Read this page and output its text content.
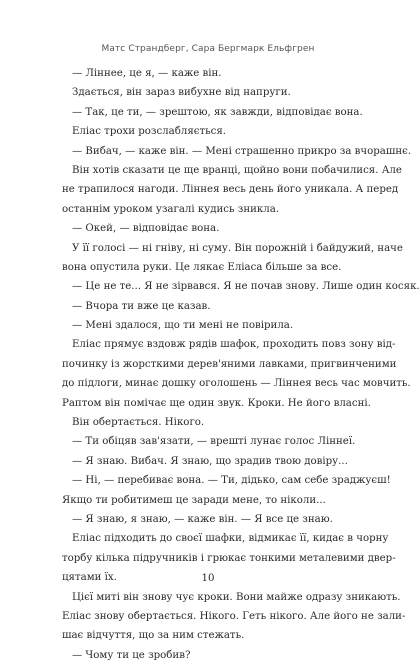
Матс Страндберг, Сара Бергмарк Ельфгрен
— Ліннее, це я, — каже він.
Здається, він зараз вибухне від напруги.
— Так, це ти, — зрештою, як завжди, відповідає вона.
Еліас трохи розслабляється.
— Вибач, — каже він. — Мені страшенно прикро за вчорашнє.
Він хотів сказати це ще вранці, щойно вони побачилися. Але
не трапилося нагоди. Ліннея весь день його уникала. А перед
останнім уроком узагалі кудись зникла.
— Окей, — відповідає вона.
У її голосі — ні гніву, ні суму. Він порожній і байдужий, наче
вона опустила руки. Це лякає Еліаса більше за все.
— Це не те... Я не зірвався. Я не почав знову. Лише один косяк.
— Вчора ти вже це казав.
— Мені здалося, що ти мені не повірила.
Еліас прямує вздовж рядів шафок, проходить повз зону від-
починку із жорсткими дерев'яними лавками, пригвинченими
до підлоги, минає дошку оголошень — Ліннея весь час мовчить.
Раптом він помічає ще один звук. Кроки. Не його власні.
Він обертається. Нікого.
— Ти обіцяв зав'язати, — врешті лунає голос Ліннеї.
— Я знаю. Вибач. Я знаю, що зрадив твою довіру...
— Ні, — перебиває вона. — Ти, дідько, сам себе зраджуєш!
Якщо ти робитимеш це заради мене, то ніколи...
— Я знаю, я знаю, — каже він. — Я все це знаю.
Еліас підходить до своєї шафки, відмикає її, кидає в чорну
торбу кілька підручників і грюкає тонкими металевими двер-
цятами їх.
Цієї миті він знову чує кроки. Вони майже одразу зникають.
Еліас знову обертається. Нікого. Геть нікого. Але його не зали-
шає відчуття, що за ним стежать.
— Чому ти це зробив?
10
